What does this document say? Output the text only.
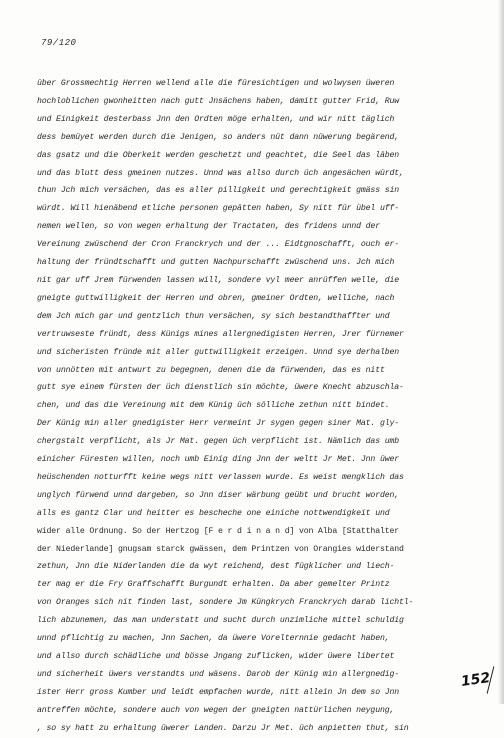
79/120
über Grossmechtig Herren wellend alle die füresichtigen und wolwysen üweren
hochloblichen gwonheitten nach gutt Jnsächens haben, damitt gutter Frid, Ruw
und Einigkeit desterbass Jnn den Ordten möge erhalten, und wir nitt täglich
dess bemüyet werden durch die Jenigen, so anders nüt dann nüwerung begärend,
das gsatz und die Oberkeit werden geschetzt und geachtet, die Seel das läben
und das blutt dess gmeinen nutzes. Unnd was allso durch üch angesächen würdt,
thun Jch mich versächen, das es aller pilligkeit und gerechtigkeit gmäss sin
würdt. Will hienäbend etliche personen gepätten haben, Sy nitt für übel uff-
nemen wellen, so von wegen erhaltung der Tractaten, des fridens unnd der
Vereinung zwüschend der Cron Franckrych und der ... Eidtgnoschafft, ouch er-
haltung der fründtschafft und gutten Nachpurschafft zwüschend uns. Jch mich
nit gar uff Jrem fürwenden lassen will, sondere vyl meer anrüffen welle, die
gneigte guttwilligkeit der Herren und obren, gmeiner Ordten, welliche, nach
dem Jch mich gar und gentzlich thun versächen, sy sich bestandthaffter und
vertruwseste fründt, dess Künigs mines allergnedigisten Herren, Jrer fürnemer
und sicheristen fründe mit aller guttwilligkeit erzeigen. Unnd sye derhalben
von unnötten mit antwurt zu begegnen, denen die da fürwenden, das es nitt
gutt sye einem fürsten der üch dienstlich sin möchte, üwere Knecht abzuschla-
chen, und das die Vereinung mit dem Künig üch sölliche zethun nitt bindet.
Der Künig min aller gnedigister Herr vermeint Jr sygen gegen siner Mat. gly-
chergstalt verpflicht, als Jr Mat. gegen üch verpflicht ist. Nämlich das umb
einicher Füresten willen, noch umb Einig ding Jnn der weltt Jr Met. Jnn üwer
heüschenden notturfft keine wegs nitt verlassen wurde. Es weist mengklich das
unglych fürwend unnd dargeben, so Jnn diser wärbung geübt und brucht worden,
alls es gantz Clar und heitter es bescheche one einiche nottwendigkeit und
wider alle Ordnung. So der Hertzog [F e r d i n a n d] von Alba [Statthalter
der Niederlande] gnugsam starck gwässen, dem Printzen von Orangies widerstand
zethun, Jnn die Niderlanden die da wyt reichend, dest fügklicher und liech-
ter mag er die Fry Graffschafft Burgundt erhalten. Da aber gemelter Printz
von Oranges sich nit finden last, sondere Jm Küngkrych Franckrych darab lichtl-
lich abzunemen, das man understatt und sucht durch unzimliche mittel schuldig
unnd pflichtig zu machen, Jnn Sachen, da üwere Vorelternnie gedacht haben,
und allso durch schädliche und bösse Jngang zuflicken, wider üwere libertet
und sicherheit üwers verstandts und wäsens. Darob der Künig min allergnedig-
ister Herr gross Kumber und leidt empfachen wurde, nitt allein Jn dem so Jnn
antreffen möchte, sondere auch von wegen der gneigten nattürlichen neygung,
, so sy hatt zu erhaltung üwerer Landen. Darzu Jr Met. üch anpietten thut, sin
152
